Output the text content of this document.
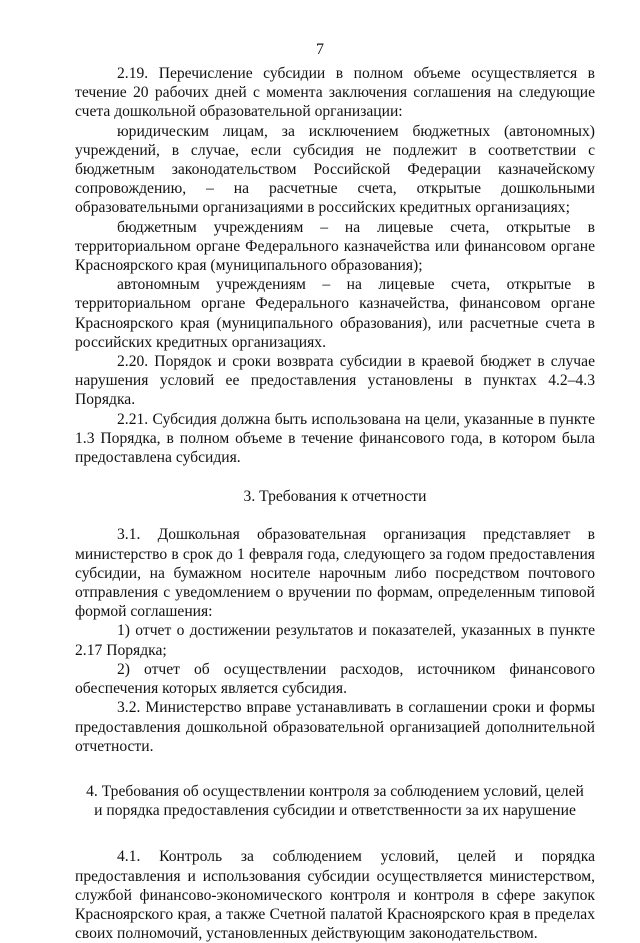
7

2.19. Перечисление субсидии в полном объеме осуществляется в течение 20 рабочих дней с момента заключения соглашения на следующие счета дошкольной образовательной организации:

юридическим лицам, за исключением бюджетных (автономных) учреждений, в случае, если субсидия не подлежит в соответствии с бюджетным законодательством Российской Федерации казначейскому сопровождению, – на расчетные счета, открытые дошкольными образовательными организациями в российских кредитных организациях;

бюджетным учреждениям – на лицевые счета, открытые в территориальном органе Федерального казначейства или финансовом органе Красноярского края (муниципального образования);

автономным учреждениям – на лицевые счета, открытые в территориальном органе Федерального казначейства, финансовом органе Красноярского края (муниципального образования), или расчетные счета в российских кредитных организациях.

2.20. Порядок и сроки возврата субсидии в краевой бюджет в случае нарушения условий ее предоставления установлены в пунктах 4.2–4.3 Порядка.

2.21. Субсидия должна быть использована на цели, указанные в пункте 1.3 Порядка, в полном объеме в течение финансового года, в котором была предоставлена субсидия.

3. Требования к отчетности

3.1. Дошкольная образовательная организация представляет в министерство в срок до 1 февраля года, следующего за годом предоставления субсидии, на бумажном носителе нарочным либо посредством почтового отправления с уведомлением о вручении по формам, определенным типовой формой соглашения:

1) отчет о достижении результатов и показателей, указанных в пункте 2.17 Порядка;

2) отчет об осуществлении расходов, источником финансового обеспечения которых является субсидия.

3.2. Министерство вправе устанавливать в соглашении сроки и формы предоставления дошкольной образовательной организацией дополнительной отчетности.

4. Требования об осуществлении контроля за соблюдением условий, целей

и порядка предоставления субсидии и ответственности за их нарушение

4.1. Контроль за соблюдением условий, целей и порядка предоставления и использования субсидии осуществляется министерством, службой финансово-экономического контроля и контроля в сфере закупок Красноярского края, а также Счетной палатой Красноярского края в пределах своих полномочий, установленных действующим законодательством.
